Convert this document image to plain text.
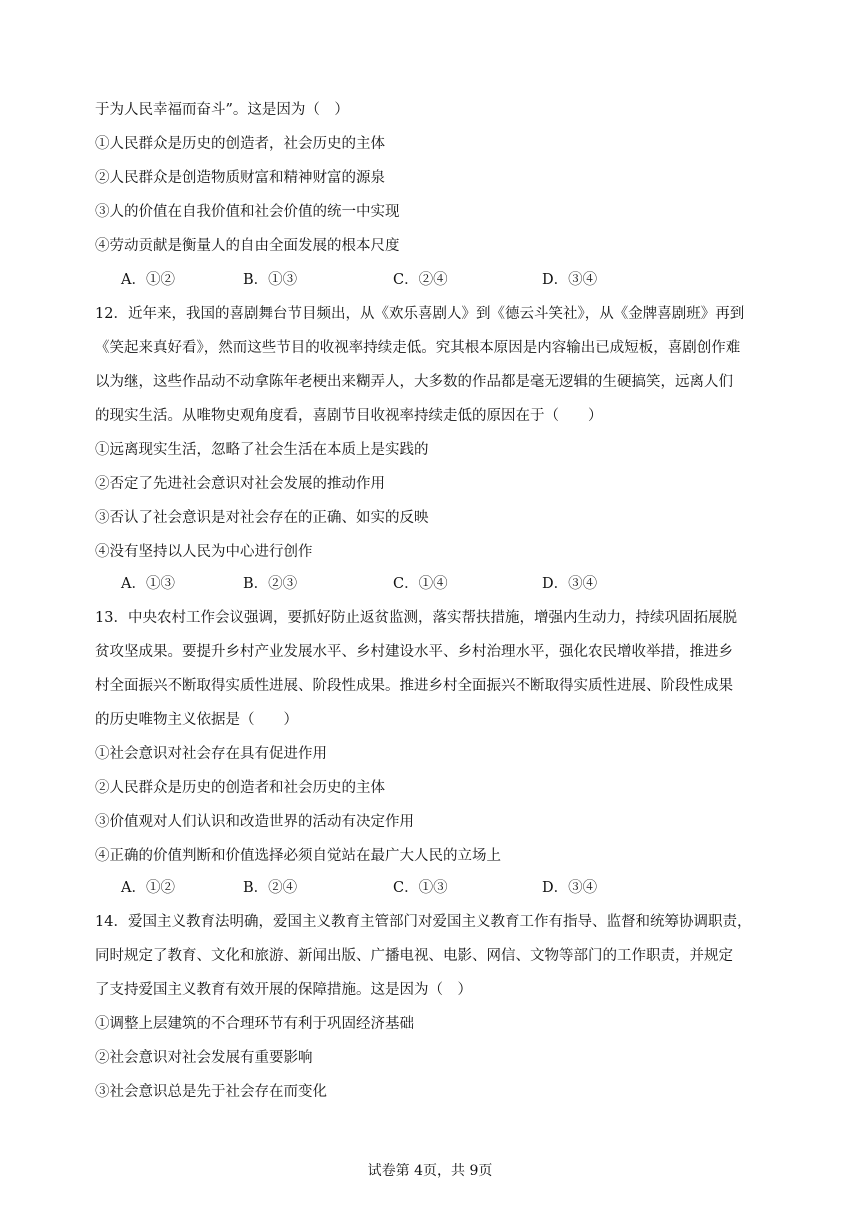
于为人民幸福而奋斗”。这是因为（　）
①人民群众是历史的创造者，社会历史的主体
②人民群众是创造物质财富和精神财富的源泉
③人的价值在自我价值和社会价值的统一中实现
④劳动贡献是衡量人的自由全面发展的根本尺度
A．①②	B．①③	C．②④	D．③④
12．近年来，我国的喜剧舞台节目频出，从《欢乐喜剧人》到《德云斗笑社》，从《金牌喜剧班》再到
《笑起来真好看》，然而这些节目的收视率持续走低。究其根本原因是内容输出已成短板，喜剧创作难
以为继，这些作品动不动拿陈年老梗出来糊弄人，大多数的作品都是毫无逻辑的生硬搞笑，远离人们
的现实生活。从唯物史观角度看，喜剧节目收视率持续走低的原因在于（　　）
①远离现实生活，忽略了社会生活在本质上是实践的
②否定了先进社会意识对社会发展的推动作用
③否认了社会意识是对社会存在的正确、如实的反映
④没有坚持以人民为中心进行创作
A．①③	B．②③	C．①④	D．③④
13．中央农村工作会议强调，要抓好防止返贫监测，落实帮扶措施，增强内生动力，持续巩固拓展脱
贫攻坚成果。要提升乡村产业发展水平、乡村建设水平、乡村治理水平，强化农民增收举措，推进乡
村全面振兴不断取得实质性进展、阶段性成果。推进乡村全面振兴不断取得实质性进展、阶段性成果
的历史唯物主义依据是（　　）
①社会意识对社会存在具有促进作用
②人民群众是历史的创造者和社会历史的主体
③价值观对人们认识和改造世界的活动有决定作用
④正确的价值判断和价值选择必须自觉站在最广大人民的立场上
A．①②	B．②④	C．①③	D．③④
14．爱国主义教育法明确，爱国主义教育主管部门对爱国主义教育工作有指导、监督和统筹协调职责，
同时规定了教育、文化和旅游、新闻出版、广播电视、电影、网信、文物等部门的工作职责，并规定
了支持爱国主义教育有效开展的保障措施。这是因为（　）
①调整上层建筑的不合理环节有利于巩固经济基础
②社会意识对社会发展有重要影响
③社会意识总是先于社会存在而变化
试卷第 4页，共 9页
